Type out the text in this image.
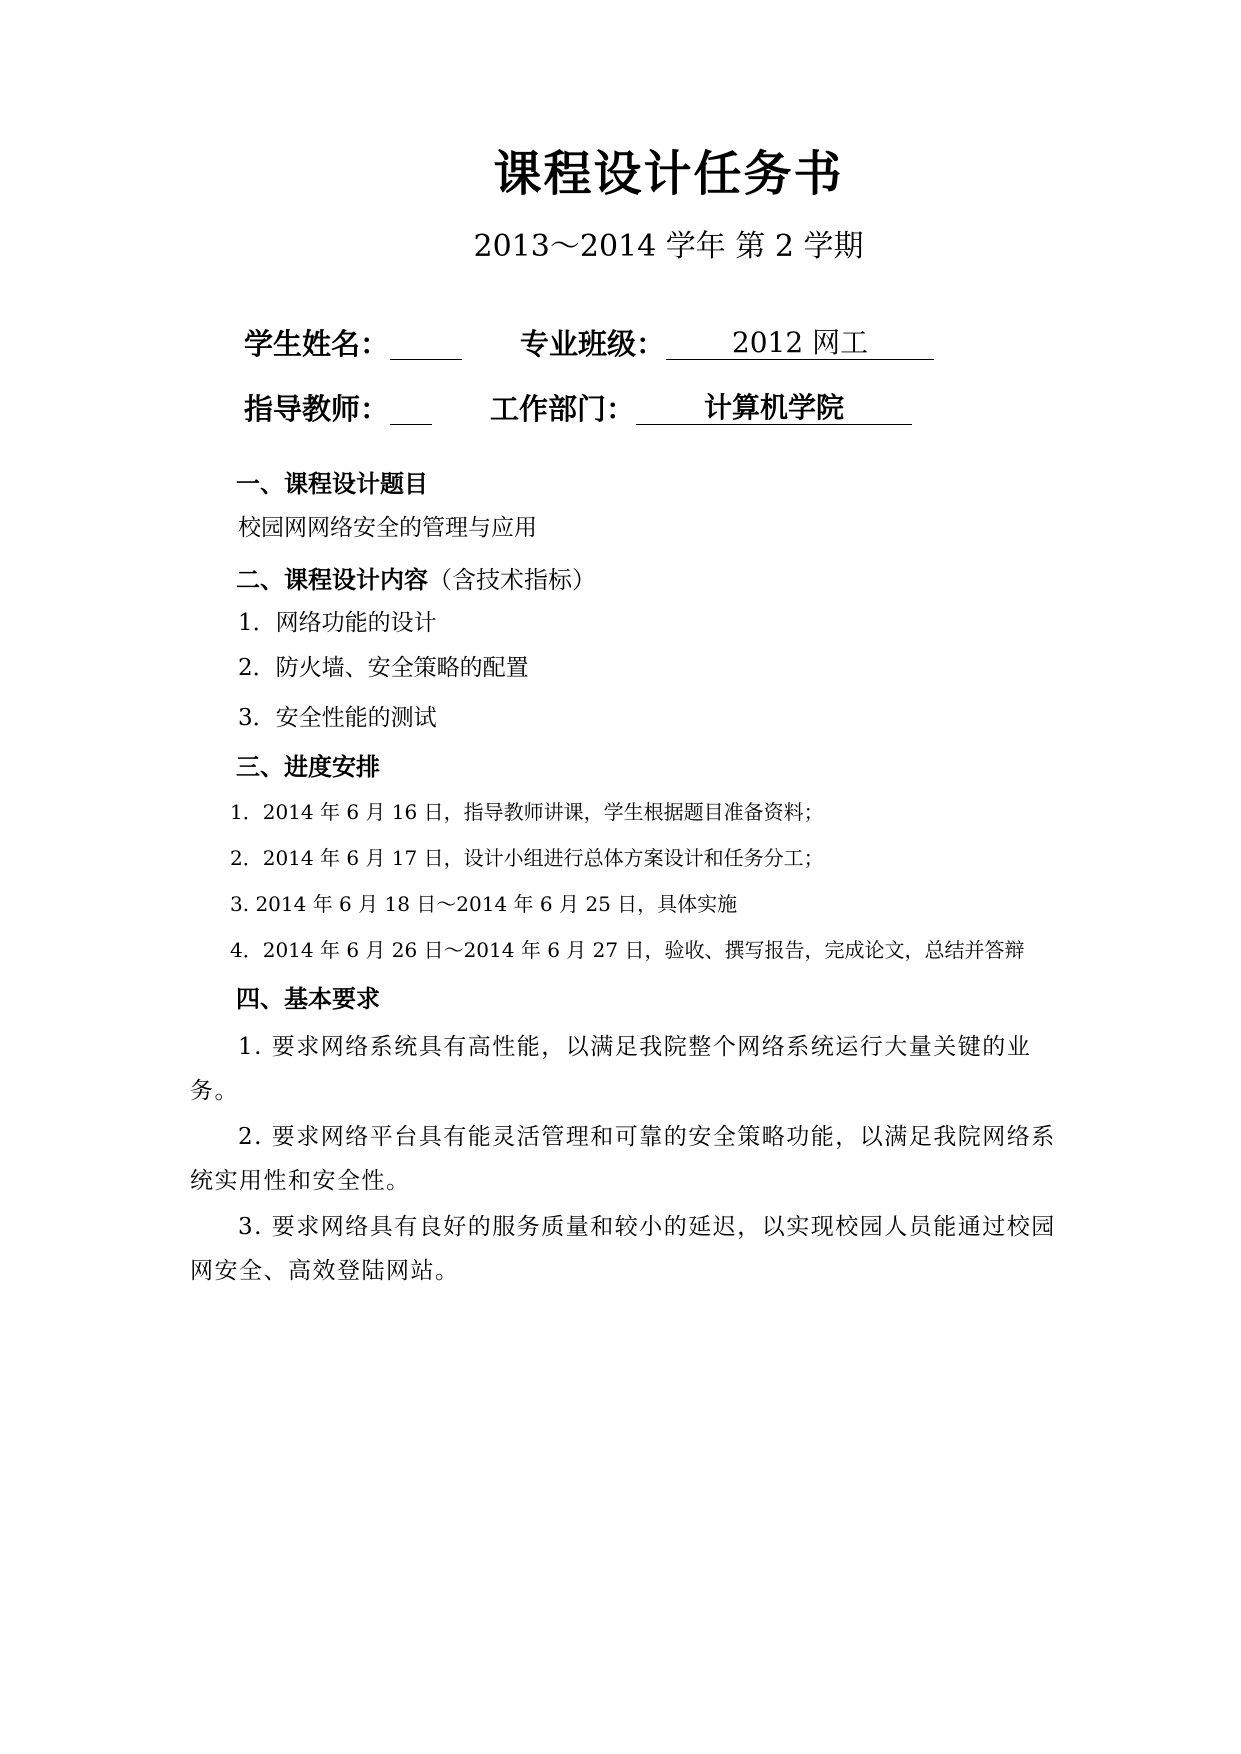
课程设计任务书
2013～2014 学年 第 2 学期
学生姓名：	专业班级：	2012 网工
指导教师：	工作部门：	计算机学院
一、课程设计题目
校园网网络安全的管理与应用
二、课程设计内容（含技术指标）
1．网络功能的设计
2．防火墙、安全策略的配置
3．安全性能的测试
三、进度安排
1．2014 年 6 月 16 日，指导教师讲课，学生根据题目准备资料；
2．2014 年 6 月 17 日，设计小组进行总体方案设计和任务分工；
3. 2014 年 6 月 18 日～2014 年 6 月 25 日，具体实施
4．2014 年 6 月 26 日～2014 年 6 月 27 日，验收、撰写报告，完成论文，总结并答辩
四、基本要求
1. 要求网络系统具有高性能，以满足我院整个网络系统运行大量关键的业务。
2. 要求网络平台具有能灵活管理和可靠的安全策略功能，以满足我院网络系统实用性和安全性。
3. 要求网络具有良好的服务质量和较小的延迟，以实现校园人员能通过校园网安全、高效登陆网站。
